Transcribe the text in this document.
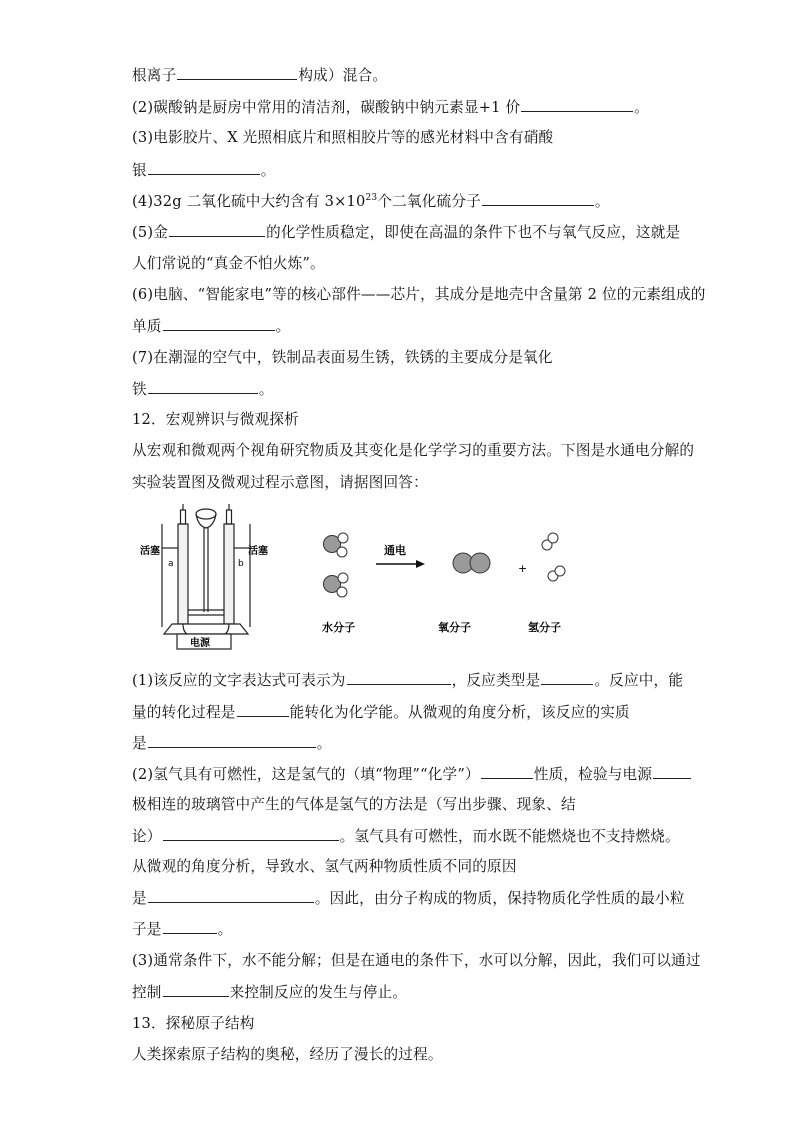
根离子	构成）混合。
(2)碳酸钠是厨房中常用的清洁剂，碳酸钠中钠元素显+1 价	。
(3)电影胶片、X 光照相底片和照相胶片等的感光材料中含有硝酸
银	。
(4)32g 二氧化硫中大约含有 $3\times 10^{23}$个二氧化硫分子	。
(5)金	的化学性质稳定，即使在高温的条件下也不与氧气反应，这就是
人们常说的“真金不怕火炼”。
(6)电脑、“智能家电”等的核心部件——芯片，其成分是地壳中含量第 2 位的元素组成的
单质	。
(7)在潮湿的空气中，铁制品表面易生锈，铁锈的主要成分是氧化
铁	。
12．宏观辨识与微观探析
从宏观和微观两个视角研究物质及其变化是化学学习的重要方法。下图是水通电分解的
实验装置图及微观过程示意图，请据图回答：
活塞	活塞
a	b
电源
水分子
通电
氧分子
+
氢分子
(1)该反应的文字表达式可表示为	，反应类型是	。反应中，能
量的转化过程是	能转化为化学能。从微观的角度分析，该反应的实质
是	。
(2)氢气具有可燃性，这是氢气的（填“物理”“化学”）	性质，检验与电源
极相连的玻璃管中产生的气体是氢气的方法是（写出步骤、现象、结
论）	。氢气具有可燃性，而水既不能燃烧也不支持燃烧。
从微观的角度分析，导致水、氢气两种物质性质不同的原因
是	。因此，由分子构成的物质，保持物质化学性质的最小粒
子是	。
(3)通常条件下，水不能分解；但是在通电的条件下，水可以分解，因此，我们可以通过
控制	来控制反应的发生与停止。
13．探秘原子结构
人类探索原子结构的奥秘，经历了漫长的过程。
